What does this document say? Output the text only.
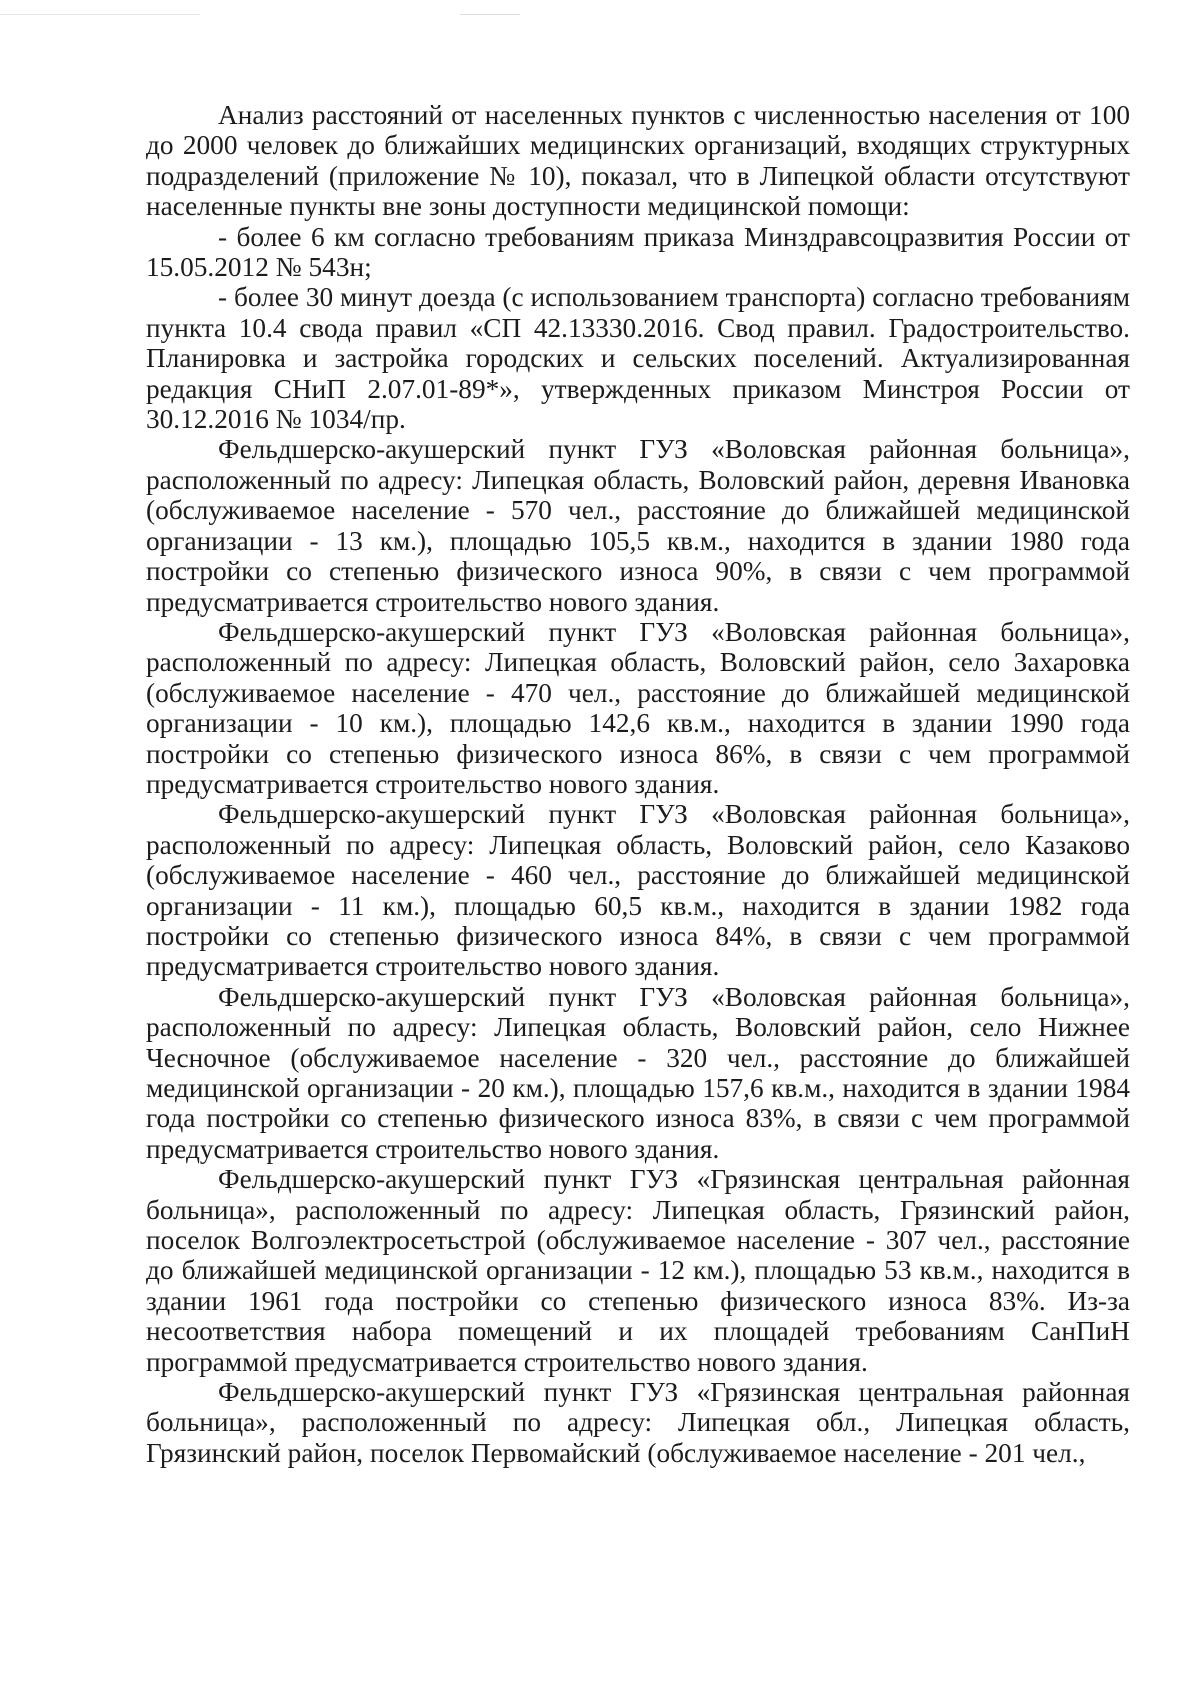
Анализ расстояний от населенных пунктов с численностью населения от 100 до 2000 человек до ближайших медицинских организаций, входящих структурных подразделений (приложение № 10), показал, что в Липецкой области отсутствуют населенные пункты вне зоны доступности медицинской помощи:

- более 6 км согласно требованиям приказа Минздравсоцразвития России от 15.05.2012 № 543н;

- более 30 минут доезда (с использованием транспорта) согласно требованиям пункта 10.4 свода правил «СП 42.13330.2016. Свод правил. Градостроительство. Планировка и застройка городских и сельских поселений. Актуализированная редакция СНиП 2.07.01-89*», утвержденных приказом Минстроя России от 30.12.2016 № 1034/пр.

Фельдшерско-акушерский пункт ГУЗ «Воловская районная больница», расположенный по адресу: Липецкая область, Воловский район, деревня Ивановка (обслуживаемое население - 570 чел., расстояние до ближайшей медицинской организации - 13 км.), площадью 105,5 кв.м., находится в здании 1980 года постройки со степенью физического износа 90%, в связи с чем программой предусматривается строительство нового здания.

Фельдшерско-акушерский пункт ГУЗ «Воловская районная больница», расположенный по адресу: Липецкая область, Воловский район, село Захаровка (обслуживаемое население - 470 чел., расстояние до ближайшей медицинской организации - 10 км.), площадью 142,6 кв.м., находится в здании 1990 года постройки со степенью физического износа 86%, в связи с чем программой предусматривается строительство нового здания.

Фельдшерско-акушерский пункт ГУЗ «Воловская районная больница», расположенный по адресу: Липецкая область, Воловский район, село Казаково (обслуживаемое население - 460 чел., расстояние до ближайшей медицинской организации - 11 км.), площадью 60,5 кв.м., находится в здании 1982 года постройки со степенью физического износа 84%, в связи с чем программой предусматривается строительство нового здания.

Фельдшерско-акушерский пункт ГУЗ «Воловская районная больница», расположенный по адресу: Липецкая область, Воловский район, село Нижнее Чесночное (обслуживаемое население - 320 чел., расстояние до ближайшей медицинской организации - 20 км.), площадью 157,6 кв.м., находится в здании 1984 года постройки со степенью физического износа 83%, в связи с чем программой предусматривается строительство нового здания.

Фельдшерско-акушерский пункт ГУЗ «Грязинская центральная районная больница», расположенный по адресу: Липецкая область, Грязинский район, поселок Волгоэлектросетьстрой (обслуживаемое население - 307 чел., расстояние до ближайшей медицинской организации - 12 км.), площадью 53 кв.м., находится в здании 1961 года постройки со степенью физического износа 83%. Из-за несоответствия набора помещений и их площадей требованиям СанПиН программой предусматривается строительство нового здания.

Фельдшерско-акушерский пункт ГУЗ «Грязинская центральная районная больница», расположенный по адресу: Липецкая обл., Липецкая область, Грязинский район, поселок Первомайский (обслуживаемое население - 201 чел.,
